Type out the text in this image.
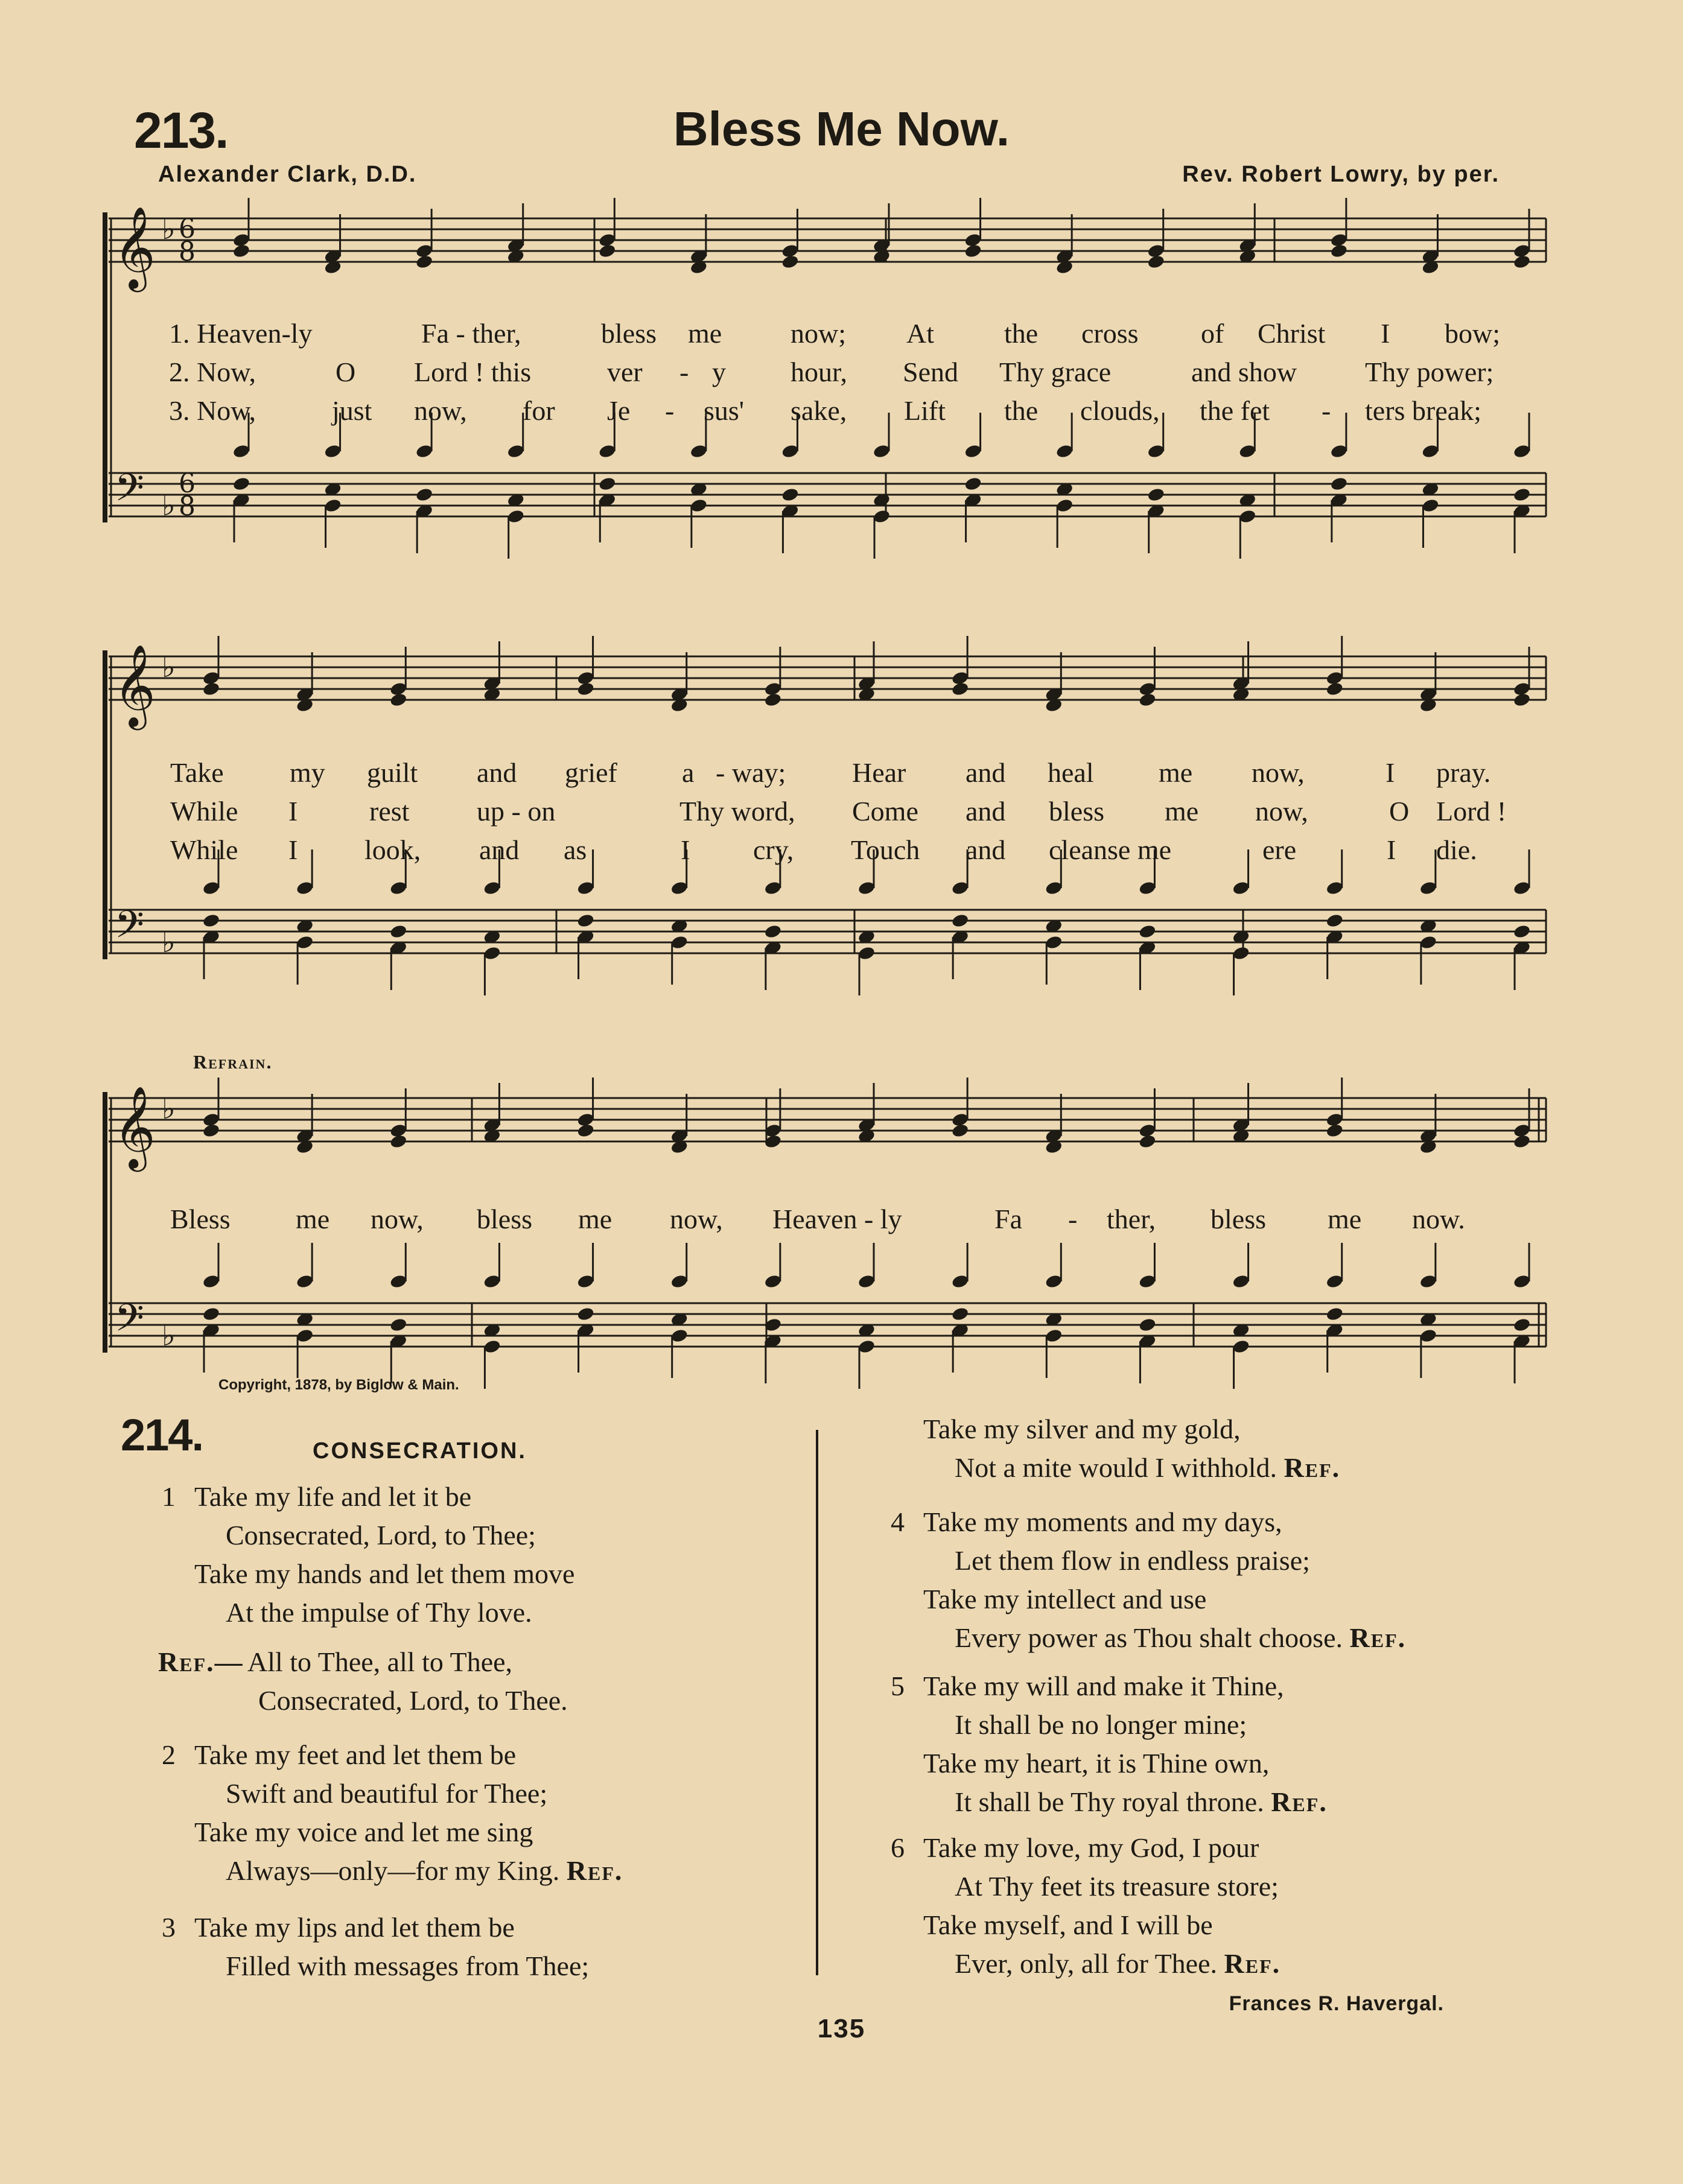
213.	Bless Me Now.
Alexander Clark, D.D.	Rev. Robert Lowry, by per.
𝄞
𝄢
♭
♭
6
8
6
8
𝄞
𝄢
♭
♭
𝄞
𝄢
♭
♭
1. Heaven-ly	Fa - ther,	bless me now; At	the cross of Christ I bow;
2. Now,	O Lord ! this	ver - y hour, Send Thy grace	and show Thy power;
3. Now,	just now, for Je - sus' sake, Lift the clouds, the fet - ters break;
Take my guilt and grief a - way; Hear and heal me now,	I pray.
While I	rest up - on	Thy word, Come and bless me now,	O Lord !
While I look, and as	I cry, Touch and cleanse me	ere	I die.
Refrain.
Bless me now, bless me now, Heaven - ly	Fa - ther, bless me now.
Copyright, 1878, by Biglow & Main.
214.	CONSECRATION.
1 Take my life and let it be
Consecrated, Lord, to Thee;
Take my hands and let them move
At the impulse of Thy love.
Ref.— All to Thee, all to Thee,
Consecrated, Lord, to Thee.
2 Take my feet and let them be
Swift and beautiful for Thee;
Take my voice and let me sing
Always—only—for my King. Ref.
3 Take my lips and let them be
Filled with messages from Thee;
Take my silver and my gold,
Not a mite would I withhold. Ref.
4 Take my moments and my days,
Let them flow in endless praise;
Take my intellect and use
Every power as Thou shalt choose. Ref.
5 Take my will and make it Thine,
It shall be no longer mine;
Take my heart, it is Thine own,
It shall be Thy royal throne. Ref.
6 Take my love, my God, I pour
At Thy feet its treasure store;
Take myself, and I will be
Ever, only, all for Thee. Ref.
Frances R. Havergal.
135
